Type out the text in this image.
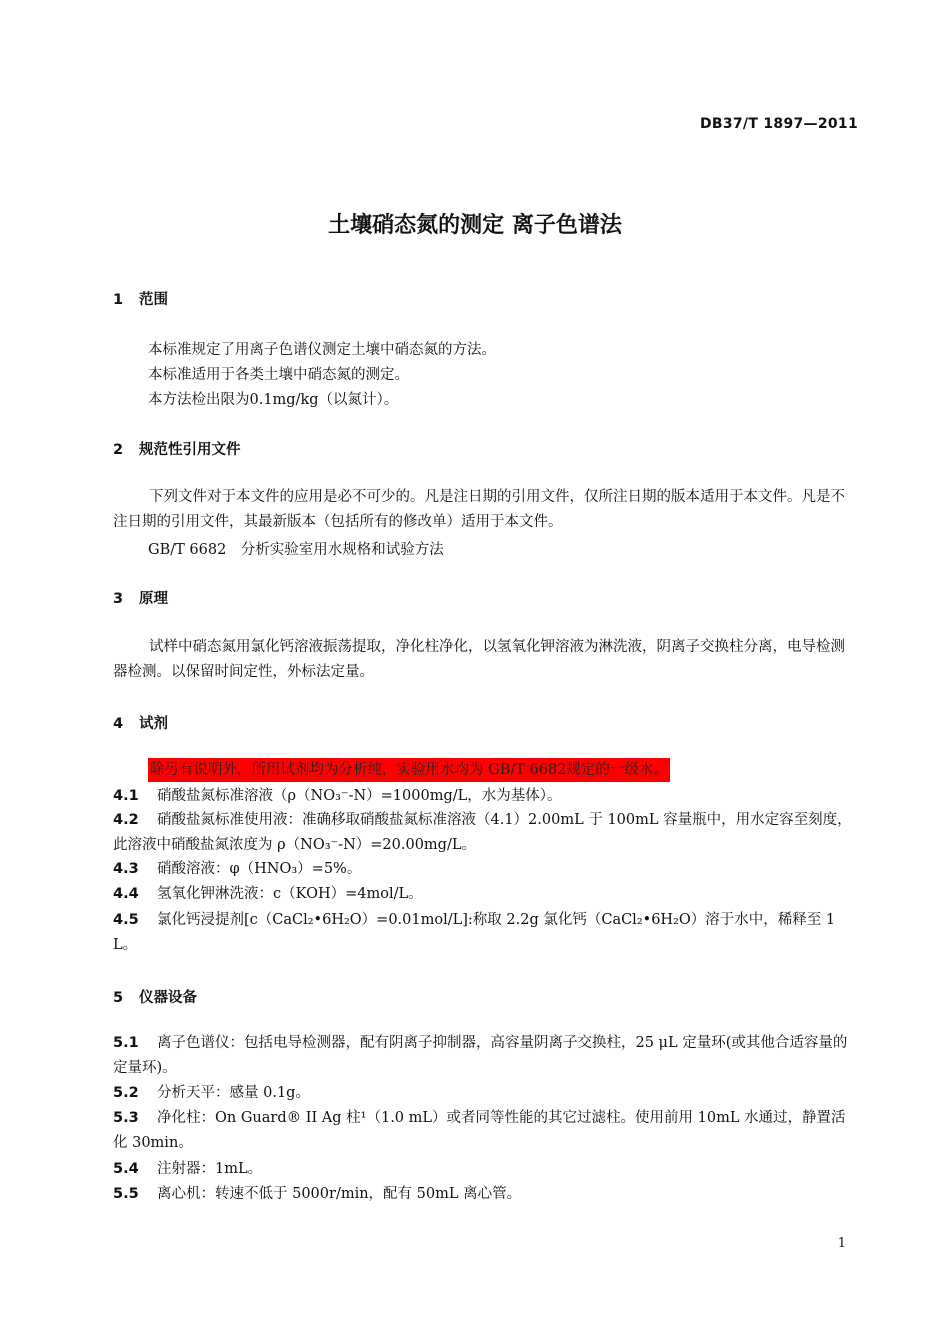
DB37/T 1897—2011
土壤硝态氮的测定 离子色谱法
1 范围
本标准规定了用离子色谱仪测定土壤中硝态氮的方法。
本标准适用于各类土壤中硝态氮的测定。
本方法检出限为0.1mg/kg（以氮计）。
2 规范性引用文件
下列文件对于本文件的应用是必不可少的。凡是注日期的引用文件，仅所注日期的版本适用于本文件。凡是不注日期的引用文件，其最新版本（包括所有的修改单）适用于本文件。
GB/T 6682　分析实验室用水规格和试验方法
3 原理
试样中硝态氮用氯化钙溶液振荡提取，净化柱净化，以氢氧化钾溶液为淋洗液，阴离子交换柱分离，电导检测器检测。以保留时间定性，外标法定量。
4 试剂
除另有说明外，所用试剂均为分析纯，实验用水均为 GB/T 6682规定的一级水。
4.1 硝酸盐氮标准溶液（ρ（NO₃⁻-N）=1000mg/L，水为基体）。
4.2 硝酸盐氮标准使用液：准确移取硝酸盐氮标准溶液（4.1）2.00mL 于 100mL 容量瓶中，用水定容至刻度，此溶液中硝酸盐氮浓度为 ρ（NO₃⁻-N）=20.00mg/L。
4.3 硝酸溶液：φ（HNO₃）=5%。
4.4 氢氧化钾淋洗液：c（KOH）=4mol/L。
4.5 氯化钙浸提剂[c（CaCl₂•6H₂O）=0.01mol/L]:称取 2.2g 氯化钙（CaCl₂•6H₂O）溶于水中，稀释至 1 L。
5 仪器设备
5.1 离子色谱仪：包括电导检测器，配有阴离子抑制器，高容量阴离子交换柱，25 μL 定量环(或其他合适容量的定量环)。
5.2 分析天平：感量 0.1g。
5.3 净化柱：On Guard® II Ag 柱¹（1.0 mL）或者同等性能的其它过滤柱。使用前用 10mL 水通过，静置活化 30min。
5.4 注射器：1mL。
5.5 离心机：转速不低于 5000r/min，配有 50mL 离心管。
1
